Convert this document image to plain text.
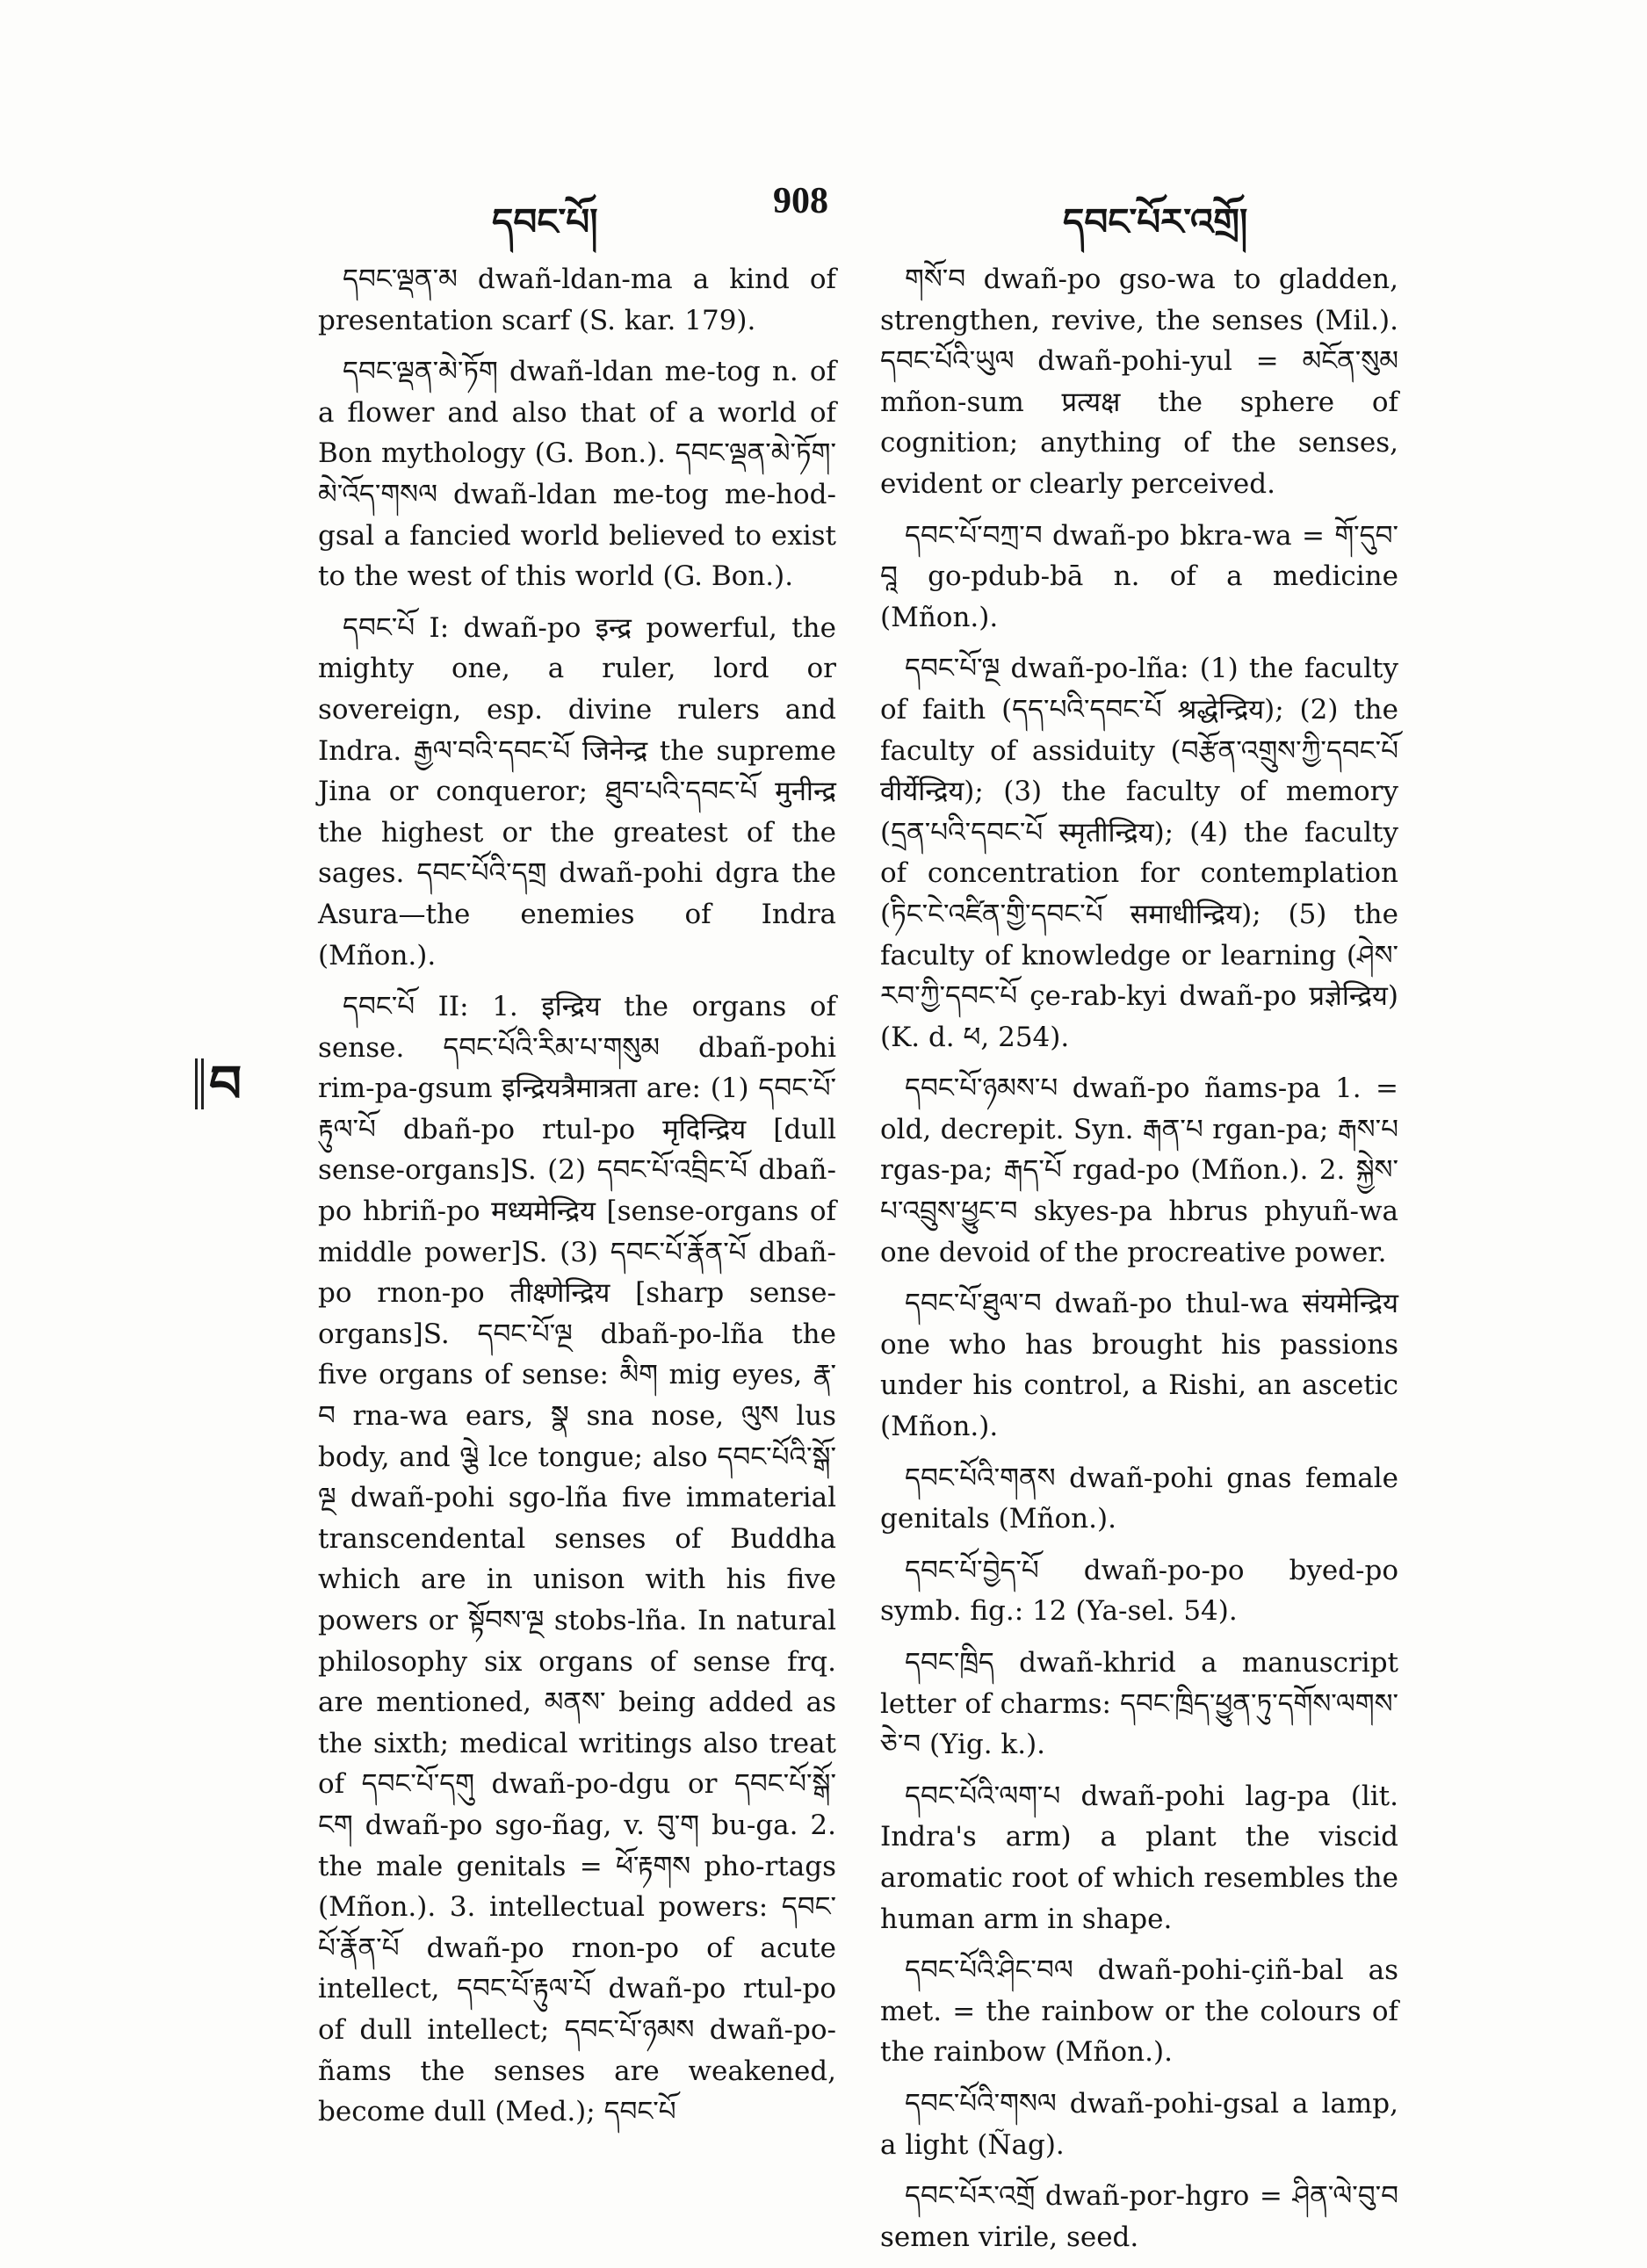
དབང་པོ།	908	དབང་པོར་འགྲོ།
བ
དབང་ལྡན་མ dwañ-ldan-ma a kind of presentation scarf (S. kar. 179).
དབང་ལྡན་མེ་ཏོག dwañ-ldan me-tog n. of a flower and also that of a world of Bon mythology (G. Bon.). དབང་ལྡན་མེ་ཏོག་མེ་འོད་གསལ dwañ-ldan me-tog me-hod-gsal a fancied world believed to exist to the west of this world (G. Bon.).
དབང་པོ I: dwañ-po इन्द्र powerful, the mighty one, a ruler, lord or sovereign, esp. divine rulers and Indra. རྒྱལ་བའི་དབང་པོ जिनेन्द्र the supreme Jina or conqueror; ཐུབ་པའི་དབང་པོ मुनीन्द्र the highest or the greatest of the sages. དབང་པོའི་དགྲ dwañ-pohi dgra the Asura—the enemies of Indra (Mñon.).
དབང་པོ II: 1. इन्द्रिय the organs of sense. དབང་པོའི་རིམ་པ་གསུམ dbañ-pohi rim-pa-gsum इन्द्रियत्रैमात्रता are: (1) དབང་པོ་རྟུལ་པོ dbañ-po rtul-po मृदिन्द्रिय [dull sense-organs]S. (2) དབང་པོ་འབྲིང་པོ dbañ-po hbriñ-po मध्यमेन्द्रिय [sense-organs of middle power]S. (3) དབང་པོ་རྣོན་པོ dbañ-po rnon-po तीक्ष्णेन्द्रिय [sharp sense-organs]S. དབང་པོ་ལྔ dbañ-po-lña the five organs of sense: མིག mig eyes, རྣ་བ rna-wa ears, སྣ sna nose, ལུས lus body, and ལྕེ lce tongue; also དབང་པོའི་སྒོ་ལྔ dwañ-pohi sgo-lña five immaterial transcendental senses of Buddha which are in unison with his five powers or སྟོབས་ལྔ stobs-lña. In natural philosophy six organs of sense frq. are mentioned, མནས་ being added as the sixth; medical writings also treat of དབང་པོ་དགུ dwañ-po-dgu or དབང་པོ་སྒོ་ངག dwañ-po sgo-ñag, v. བུ་ག bu-ga. 2. the male genitals = ཕོ་རྟགས pho-rtags (Mñon.). 3. intellectual powers: དབང་པོ་རྣོན་པོ dwañ-po rnon-po of acute intellect, དབང་པོ་རྟུལ་པོ dwañ-po rtul-po of dull intellect; དབང་པོ་ཉམས dwañ-po-ñams the senses are weakened, become dull (Med.); དབང་པོ
གསོ་བ dwañ-po gso-wa to gladden, strengthen, revive, the senses (Mil.). དབང་པོའི་ཡུལ dwañ-pohi-yul = མངོན་སུམ mñon-sum प्रत्यक्ष the sphere of cognition; anything of the senses, evident or clearly perceived.
དབང་པོ་བཀྲ་བ dwañ-po bkra-wa = གོ་དུབ་བཱ go-pdub-bā n. of a medicine (Mñon.).
དབང་པོ་ལྔ dwañ-po-lña: (1) the faculty of faith (དད་པའི་དབང་པོ श्रद्धेन्द्रिय); (2) the faculty of assiduity (བརྩོན་འགྲུས་ཀྱི་དབང་པོ वीर्येन्द्रिय); (3) the faculty of memory (དྲན་པའི་དབང་པོ स्मृतीन्द्रिय); (4) the faculty of concentration for contemplation (ཏིང་ངེ་འཛིན་གྱི་དབང་པོ समाधीन्द्रिय); (5) the faculty of knowledge or learning (ཤེས་རབ་ཀྱི་དབང་པོ çe-rab-kyi dwañ-po प्रज्ञेन्द्रिय) (K. d. ཕ, 254).
དབང་པོ་ཉམས་པ dwañ-po ñams-pa 1. = old, decrepit. Syn. རྒན་པ rgan-pa; རྒས་པ rgas-pa; རྒད་པོ rgad-po (Mñon.). 2. སྐྱེས་པ་འབྲུས་ཕྱུང་བ skyes-pa hbrus phyuñ-wa one devoid of the procreative power.
དབང་པོ་ཐུལ་བ dwañ-po thul-wa संयमेन्द्रिय one who has brought his passions under his control, a Rishi, an ascetic (Mñon.).
དབང་པོའི་གནས dwañ-pohi gnas female genitals (Mñon.).
དབང་པོ་བྱེད་པོ dwañ-po-po byed-po symb. fig.: 12 (Ya-sel. 54).
དབང་ཁྲིད dwañ-khrid a manuscript letter of charms: དབང་ཁྲིད་ཕྱུན་ཏུ་དགོས་ལགས་ཅེ་བ (Yig. k.).
དབང་པོའི་ལག་པ dwañ-pohi lag-pa (lit. Indra's arm) a plant the viscid aromatic root of which resembles the human arm in shape.
དབང་པོའི་ཤིང་བལ dwañ-pohi-çiñ-bal as met. = the rainbow or the colours of the rainbow (Mñon.).
དབང་པོའི་གསལ dwañ-pohi-gsal a lamp, a light (Ñag).
དབང་པོར་འགྲོ dwañ-por-hgro = ཤིན་ལེ་བུ་བ semen virile, seed.
